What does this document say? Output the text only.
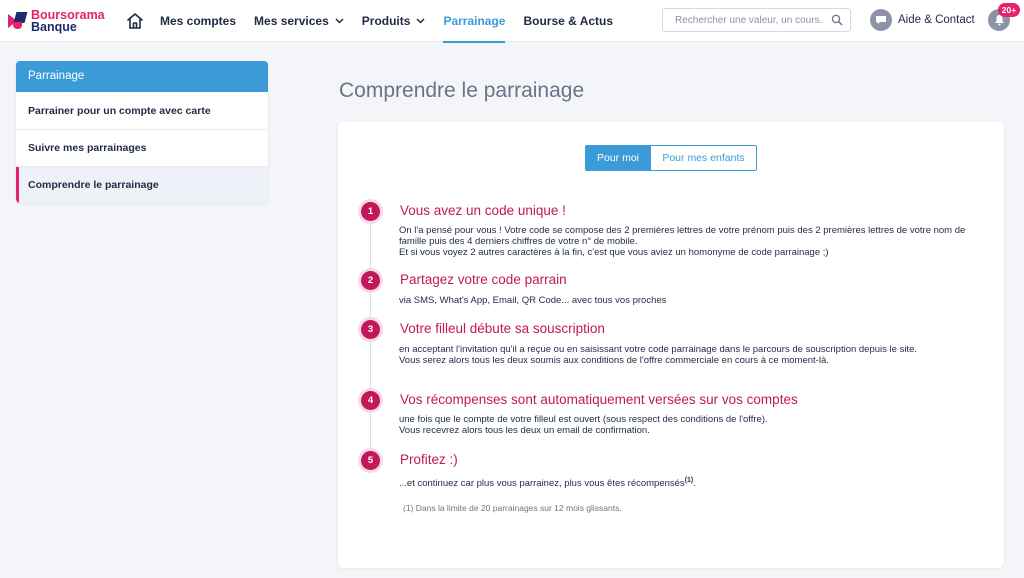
Boursorama
Banque	Mes comptes Mes services	Produits	Parrainage Bourse & Actus
Rechercher une valeur, un cours...	Aide & Contact
20+
Parrainage
Parrainer pour un compte avec carte
Suivre mes parrainages
Comprendre le parrainage
Comprendre le parrainage
Pour moi	Pour mes enfants
1	Vous avez un code unique !

On l'a pensé pour vous ! Votre code se compose des 2 premières lettres de votre prénom puis des 2 premières lettres de votre nom de famille puis des 4 derniers chiffres de votre n° de mobile.

Et si vous voyez 2 autres caractères à la fin, c'est que vous aviez un homonyme de code parrainage ;)

2	Partagez votre code parrain

via SMS, What's App, Email, QR Code... avec tous vos proches

3	Votre filleul débute sa souscription

en acceptant l'invitation qu'il a reçue ou en saisissant votre code parrainage dans le parcours de souscription depuis le site.

Vous serez alors tous les deux soumis aux conditions de l'offre commerciale en cours à ce moment-là.

4	Vos récompenses sont automatiquement versées sur vos comptes

une fois que le compte de votre filleul est ouvert (sous respect des conditions de l'offre).

Vous recevrez alors tous les deux un email de confirmation.

5	Profitez :)

...et continuez car plus vous parrainez, plus vous êtes récompensés$^{(1)}$.

(1) Dans la limite de 20 parrainages sur 12 mois glissants.
